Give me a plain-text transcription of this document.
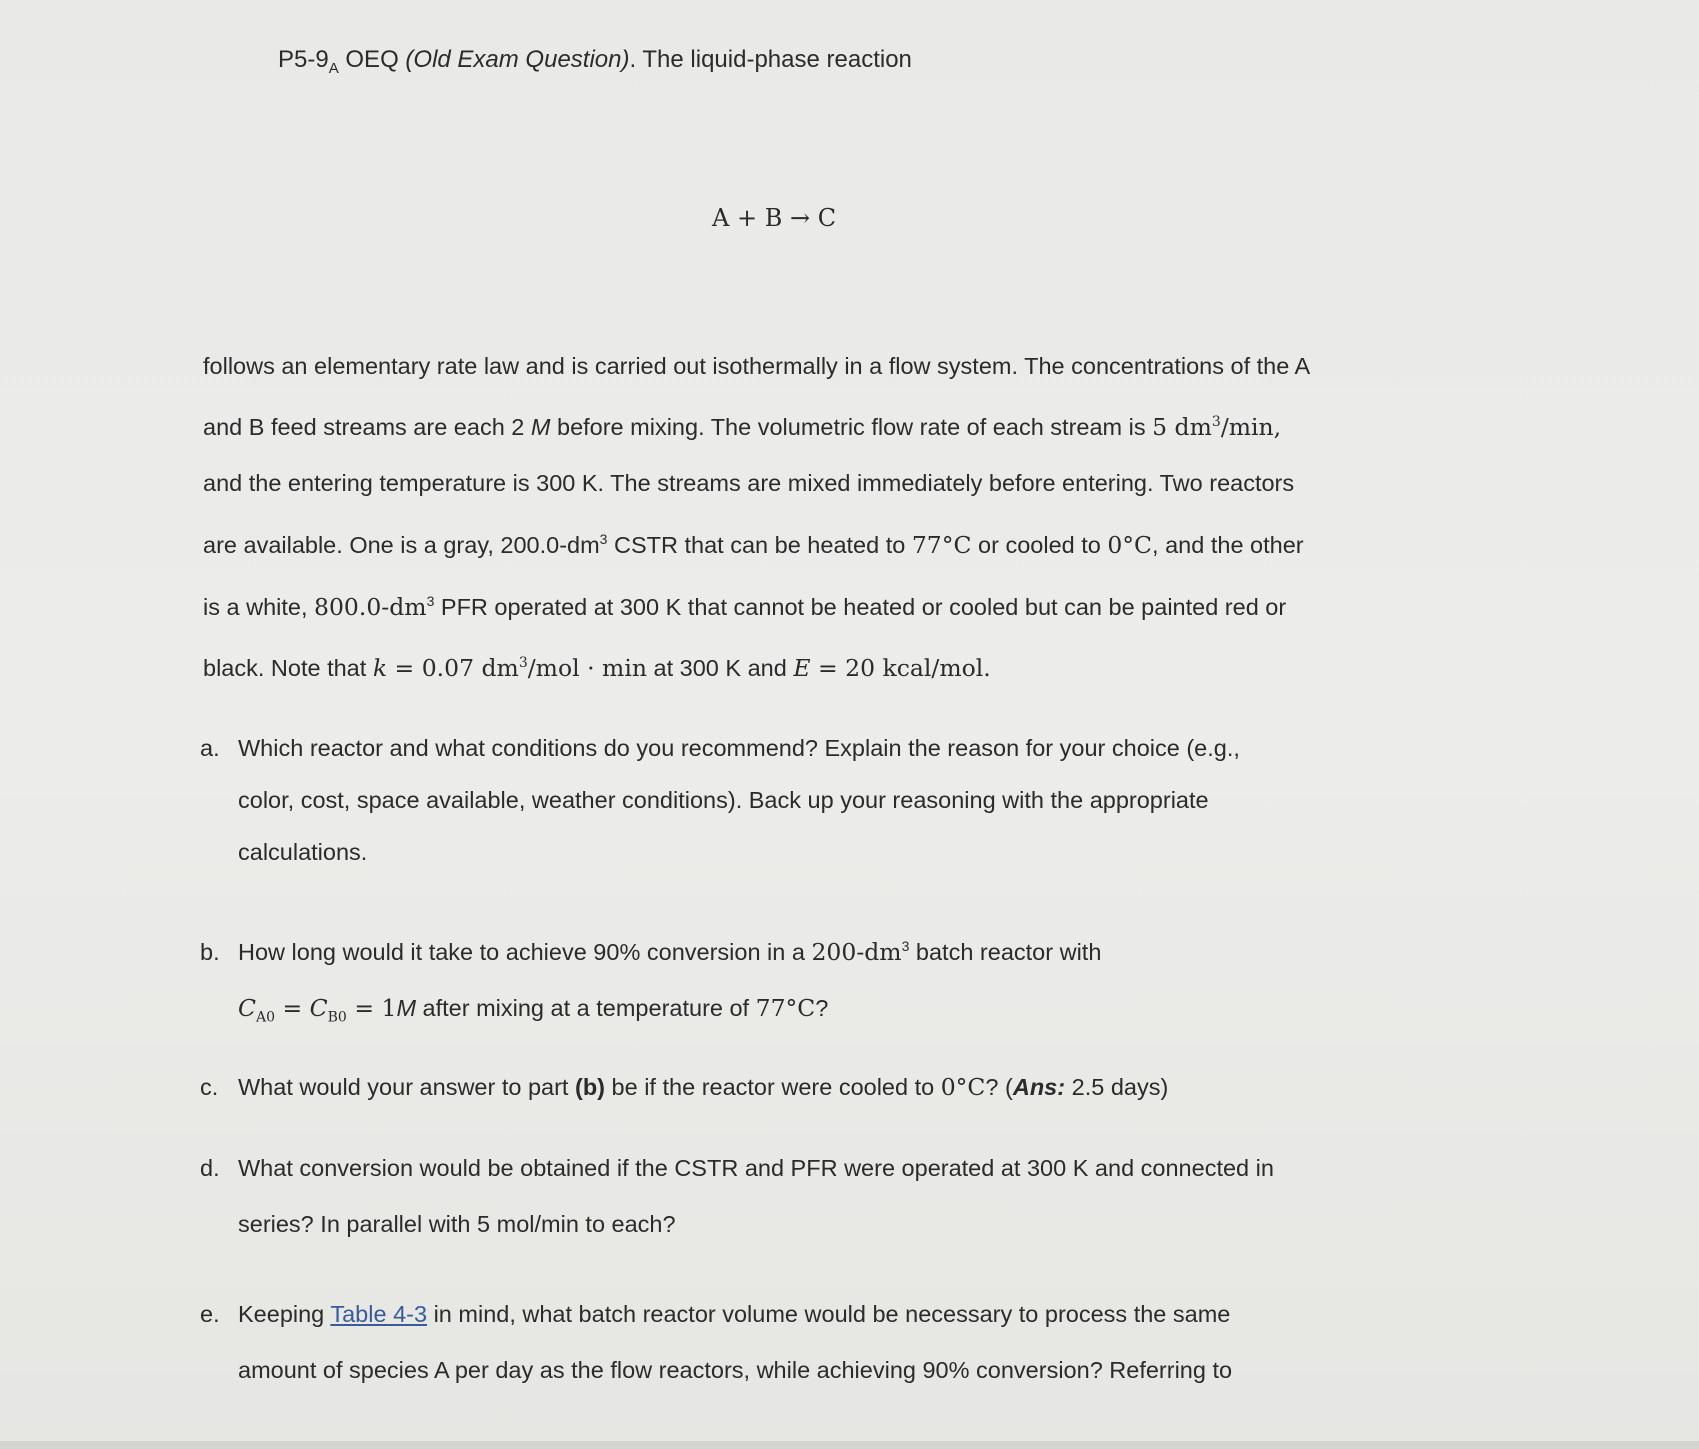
$P5-9_A$ OEQ (Old Exam Question). The liquid-phase reaction
A + B → C
follows an elementary rate law and is carried out isothermally in a flow system. The concentrations of the A
and B feed streams are each 2 M before mixing. The volumetric flow rate of each stream is 5 $dm^3/\min$,
and the entering temperature is 300 K. The streams are mixed immediately before entering. Two reactors
are available. One is a gray, $200.0-dm^3$ CSTR that can be heated to 77°C or cooled to 0°C, and the other
is a white, $800.0-dm^3$ PFR operated at 300 K that cannot be heated or cooled but can be painted red or
black. Note that k = 0.07 $dm^3$/mol · min at 300 K and E = 20 kcal/mol.
a. Which reactor and what conditions do you recommend? Explain the reason for your choice (e.g.,
color, cost, space available, weather conditions). Back up your reasoning with the appropriate
calculations.
b. How long would it take to achieve 90% conversion in a $200-dm^3$ batch reactor with
$C_{A0} = C_{B0} = 1M$ after mixing at a temperature of 77°C?
c. What would your answer to part (b) be if the reactor were cooled to 0°C? (Ans: 2.5 days)
d. What conversion would be obtained if the CSTR and PFR were operated at 300 K and connected in
series? In parallel with 5 mol/min to each?
e. Keeping Table 4-3 in mind, what batch reactor volume would be necessary to process the same
amount of species A per day as the flow reactors, while achieving 90% conversion? Referring to
